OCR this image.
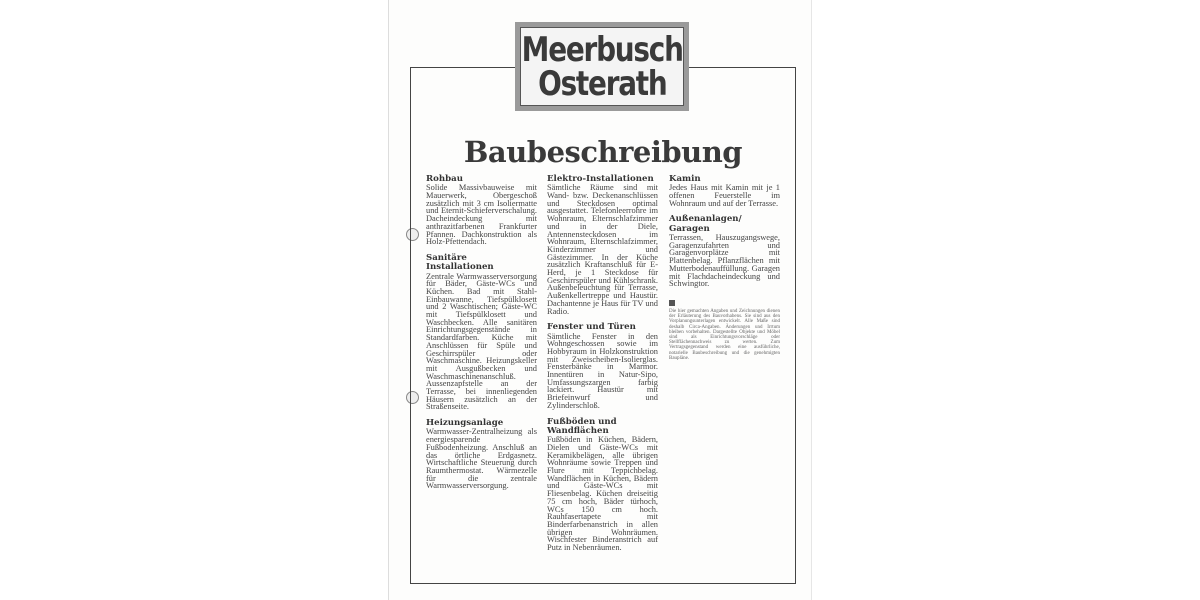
Meerbusch
Osterath
Baubeschreibung
Rohbau

Solide Massivbauweise mit Mauerwerk, Obergeschoß zusätzlich mit 3 cm Isoliermatte und Eternit-Schieferverschalung. Dacheindeckung mit anthrazitfarbenen Frankfurter Pfannen. Dachkonstruktion als Holz-Pfettendach.

Sanitäre Installationen

Zentrale Warmwasserversorgung für Bäder, Gäste-WCs und Küchen. Bad mit Stahl-Einbauwanne, Tiefspülklosett und 2 Waschtischen; Gäste-WC mit Tiefspülklosett und Waschbecken. Alle sanitären Einrichtungsgegenstände in Standardfarben. Küche mit Anschlüssen für Spüle und Geschirrspüler oder Waschmaschine. Heizungskeller mit Ausgußbecken und Waschmaschinenanschluß. Aussenzapfstelle an der Terrasse, bei innenliegenden Häusern zusätzlich an der Straßenseite.

Heizungsanlage

Warmwasser-Zentralheizung als energiesparende Fußbodenheizung. Anschluß an das örtliche Erdgasnetz. Wirtschaftliche Steuerung durch Raumthermostat. Wärmezelle für die zentrale Warmwasserversorgung.

Elektro-Installationen

Sämtliche Räume sind mit Wand- bzw. Deckenanschlüssen und Steckdosen optimal ausgestattet. Telefonleerrohre im Wohnraum, Elternschlafzimmer und in der Diele, Antennensteckdosen im Wohnraum, Elternschlafzimmer, Kinderzimmer und Gästezimmer. In der Küche zusätzlich Kraftanschluß für E-Herd, je 1 Steckdose für Geschirrspüler und Kühlschrank. Außenbeleuchtung für Terrasse, Außenkellertreppe und Haustür. Dachantenne je Haus für TV und Radio.

Fenster und Türen

Sämtliche Fenster in den Wohngeschossen sowie im Hobbyraum in Holzkonstruktion mit Zweischeiben-Isolierglas. Fensterbänke in Marmor. Innentüren in Natur-Sipo, Umfassungszargen farbig lackiert. Haustür mit Briefeinwurf und Zylinderschloß.

Fußböden und Wandflächen

Fußböden in Küchen, Bädern, Dielen und Gäste-WCs mit Keramikbelägen, alle übrigen Wohnräume sowie Treppen und Flure mit Teppichbelag. Wandflächen in Küchen, Bädern und Gäste-WCs mit Fliesenbelag. Küchen dreiseitig 75 cm hoch, Bäder türhoch, WCs 150 cm hoch. Rauhfasertapete mit Binderfarbenanstrich in allen übrigen Wohnräumen. Wischfester Binderanstrich auf Putz in Nebenräumen.

Kamin

Jedes Haus mit Kamin mit je 1 offenen Feuerstelle im Wohnraum und auf der Terrasse.

Außenanlagen/ Garagen

Terrassen, Hauszugangswege, Garagenzufahrten und Garagenvorplätze mit Plattenbelag. Pflanzflächen mit Mutterbodenauffüllung. Garagen mit Flachdacheindeckung und Schwingtor.

Die hier gemachten Angaben und Zeichnungen dienen der Erläuterung des Bauvorhabens. Sie sind aus den Vorplanungsunterlagen entwickelt. Alle Maße sind deshalb Circa-Angaben. Änderungen und Irrtum bleiben vorbehalten. Dargestellte Objekte und Möbel sind als Einrichtungsvorschläge oder Stellflächennachweis zu werten. Zum Vertragsgegenstand werden eine ausführliche, notarielle Baubeschreibung und die genehmigten Baupläne.
